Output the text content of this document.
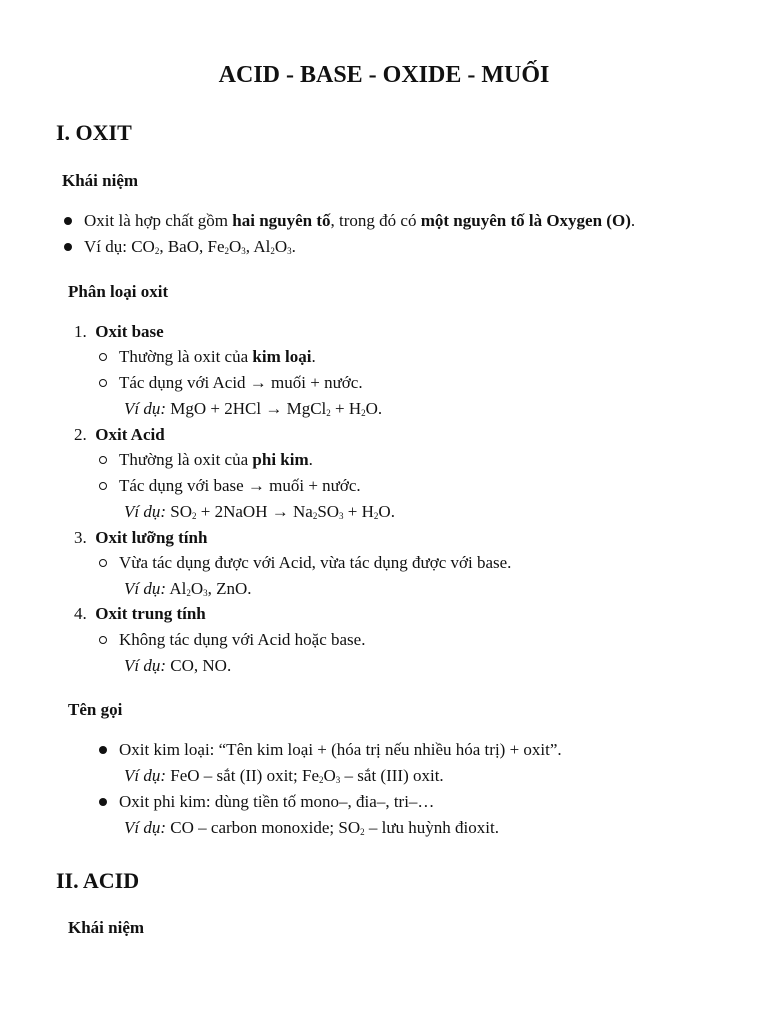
ACID - BASE - OXIDE - MUỐI
I. OXIT
Khái niệm
Oxit là hợp chất gồm hai nguyên tố, trong đó có một nguyên tố là Oxygen (O).
Ví dụ: $CO_2$, BaO, $Fe_2O_3$, $Al_2O_3$.
Phân loại oxit
1. Oxit base
Thường là oxit của kim loại.
Tác dụng với Acid → muối + nước.
Ví dụ: MgO + 2HCl → MgCl$_2$ + $H_2O$.
2. Oxit Acid
Thường là oxit của phi kim.
Tác dụng với base → muối + nước.
Ví dụ: $SO_2$ + 2NaOH → $Na_2SO_3 + H_2O$.
3. Oxit lưỡng tính
Vừa tác dụng được với Acid, vừa tác dụng được với base.
Ví dụ: $Al_2O_3$, ZnO.
4. Oxit trung tính
Không tác dụng với Acid hoặc base.
Ví dụ: CO, NO.
Tên gọi
Oxit kim loại: “Tên kim loại + (hóa trị nếu nhiều hóa trị) + oxit”.
Ví dụ: FeO – sắt (II) oxit; $Fe_2O_3$ – sắt (III) oxit.
Oxit phi kim: dùng tiền tố mono–, đia–, tri–…
Ví dụ: CO – carbon monoxide; $SO_2$ – lưu huỳnh đioxit.
II. ACID
Khái niệm
